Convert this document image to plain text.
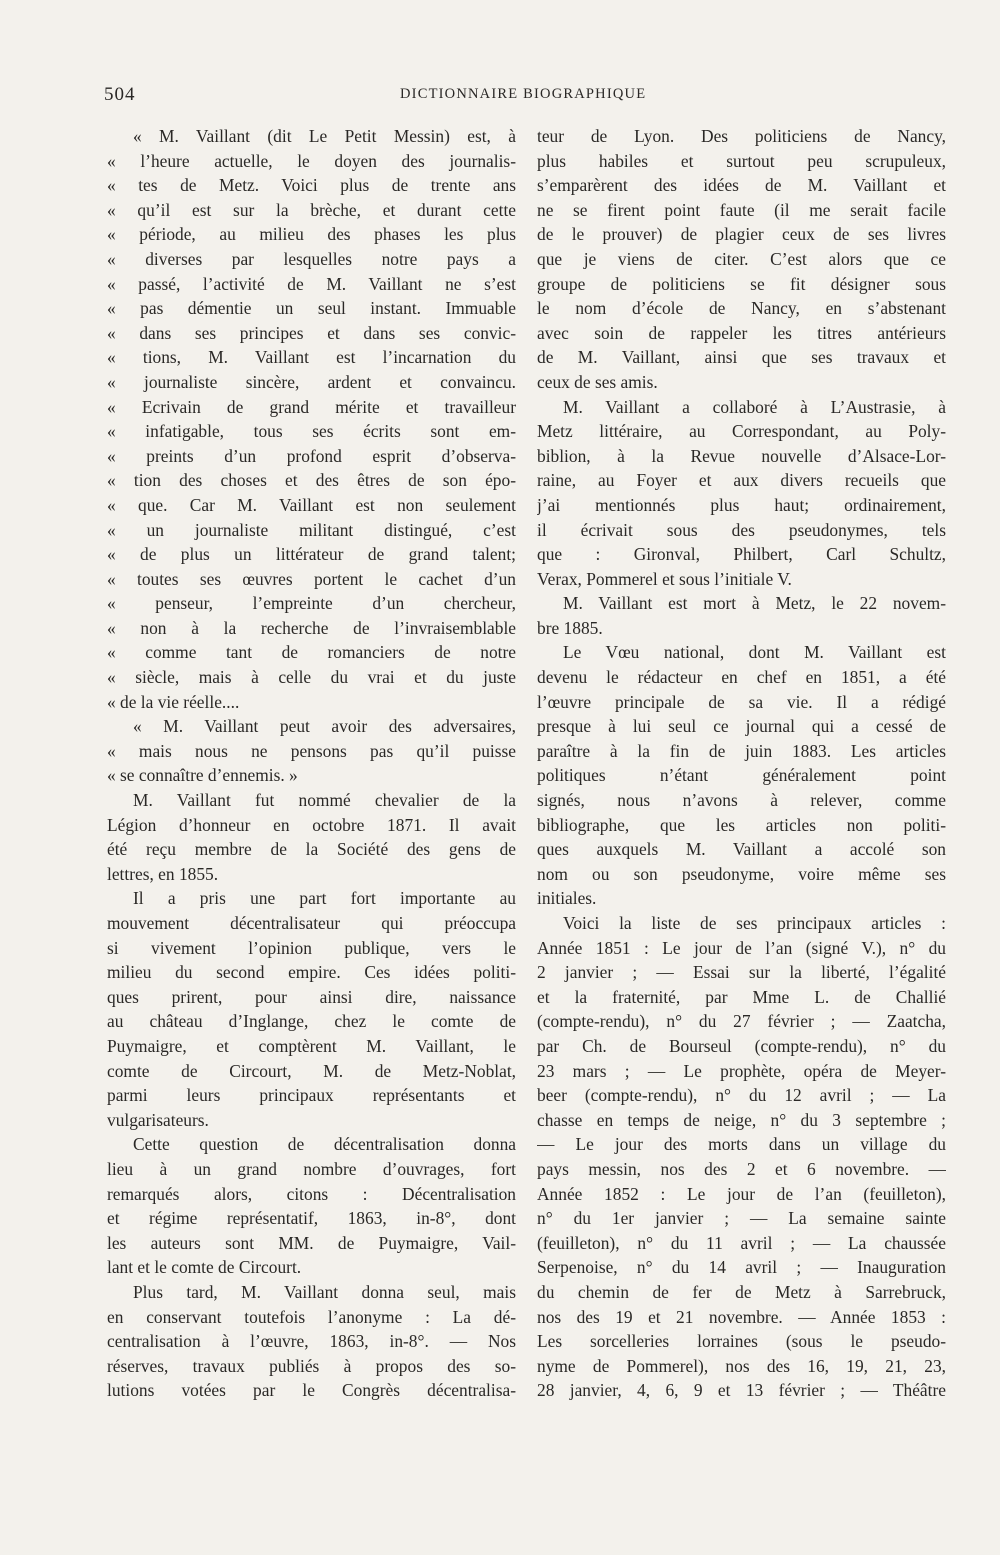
504	DICTIONNAIRE BIOGRAPHIQUE
« M. Vaillant (dit Le Petit Messin) est, à
« l’heure actuelle, le doyen des journalis-
« tes de Metz. Voici plus de trente ans
« qu’il est sur la brèche, et durant cette
« période, au milieu des phases les plus
« diverses par lesquelles notre pays a
« passé, l’activité de M. Vaillant ne s’est
« pas démentie un seul instant. Immuable
« dans ses principes et dans ses convic-
« tions, M. Vaillant est l’incarnation du
« journaliste sincère, ardent et convaincu.
« Ecrivain de grand mérite et travailleur
« infatigable, tous ses écrits sont em-
« preints d’un profond esprit d’observa-
« tion des choses et des êtres de son épo-
« que. Car M. Vaillant est non seulement
« un journaliste militant distingué, c’est
« de plus un littérateur de grand talent;
« toutes ses œuvres portent le cachet d’un
« penseur, l’empreinte d’un chercheur,
« non à la recherche de l’invraisemblable
« comme tant de romanciers de notre
« siècle, mais à celle du vrai et du juste
« de la vie réelle....
« M. Vaillant peut avoir des adversaires,
« mais nous ne pensons pas qu’il puisse
« se connaître d’ennemis. »
M. Vaillant fut nommé chevalier de la
Légion d’honneur en octobre 1871. Il avait
été reçu membre de la Société des gens de
lettres, en 1855.
Il a pris une part fort importante au
mouvement décentralisateur qui préoccupa
si vivement l’opinion publique, vers le
milieu du second empire. Ces idées politi-
ques prirent, pour ainsi dire, naissance
au château d’Inglange, chez le comte de
Puymaigre, et comptèrent M. Vaillant, le
comte de Circourt, M. de Metz-Noblat,
parmi leurs principaux représentants et
vulgarisateurs.
Cette question de décentralisation donna
lieu à un grand nombre d’ouvrages, fort
remarqués alors, citons : Décentralisation
et régime représentatif, 1863, in-8°, dont
les auteurs sont MM. de Puymaigre, Vail-
lant et le comte de Circourt.
Plus tard, M. Vaillant donna seul, mais
en conservant toutefois l’anonyme : La dé-
centralisation à l’œuvre, 1863, in-8°. — Nos
réserves, travaux publiés à propos des so-
lutions votées par le Congrès décentralisa-
teur de Lyon. Des politiciens de Nancy,
plus habiles et surtout peu scrupuleux,
s’emparèrent des idées de M. Vaillant et
ne se firent point faute (il me serait facile
de le prouver) de plagier ceux de ses livres
que je viens de citer. C’est alors que ce
groupe de politiciens se fit désigner sous
le nom d’école de Nancy, en s’abstenant
avec soin de rappeler les titres antérieurs
de M. Vaillant, ainsi que ses travaux et
ceux de ses amis.
M. Vaillant a collaboré à L’Austrasie, à
Metz littéraire, au Correspondant, au Poly-
biblion, à la Revue nouvelle d’Alsace-Lor-
raine, au Foyer et aux divers recueils que
j’ai mentionnés plus haut; ordinairement,
il écrivait sous des pseudonymes, tels
que : Gironval, Philbert, Carl Schultz,
Verax, Pommerel et sous l’initiale V.
M. Vaillant est mort à Metz, le 22 novem-
bre 1885.
Le Vœu national, dont M. Vaillant est
devenu le rédacteur en chef en 1851, a été
l’œuvre principale de sa vie. Il a rédigé
presque à lui seul ce journal qui a cessé de
paraître à la fin de juin 1883. Les articles
politiques n’étant généralement point
signés, nous n’avons à relever, comme
bibliographe, que les articles non politi-
ques auxquels M. Vaillant a accolé son
nom ou son pseudonyme, voire même ses
initiales.
Voici la liste de ses principaux articles :
Année 1851 : Le jour de l’an (signé V.), n° du
2 janvier ; — Essai sur la liberté, l’égalité
et la fraternité, par Mme L. de Challié
(compte-rendu), n° du 27 février ; — Zaatcha,
par Ch. de Bourseul (compte-rendu), n° du
23 mars ; — Le prophète, opéra de Meyer-
beer (compte-rendu), n° du 12 avril ; — La
chasse en temps de neige, n° du 3 septembre ;
— Le jour des morts dans un village du
pays messin, nos des 2 et 6 novembre. —
Année 1852 : Le jour de l’an (feuilleton),
n° du 1er janvier ; — La semaine sainte
(feuilleton), n° du 11 avril ; — La chaussée
Serpenoise, n° du 14 avril ; — Inauguration
du chemin de fer de Metz à Sarrebruck,
nos des 19 et 21 novembre. — Année 1853 :
Les sorcelleries lorraines (sous le pseudo-
nyme de Pommerel), nos des 16, 19, 21, 23,
28 janvier, 4, 6, 9 et 13 février ; — Théâtre
